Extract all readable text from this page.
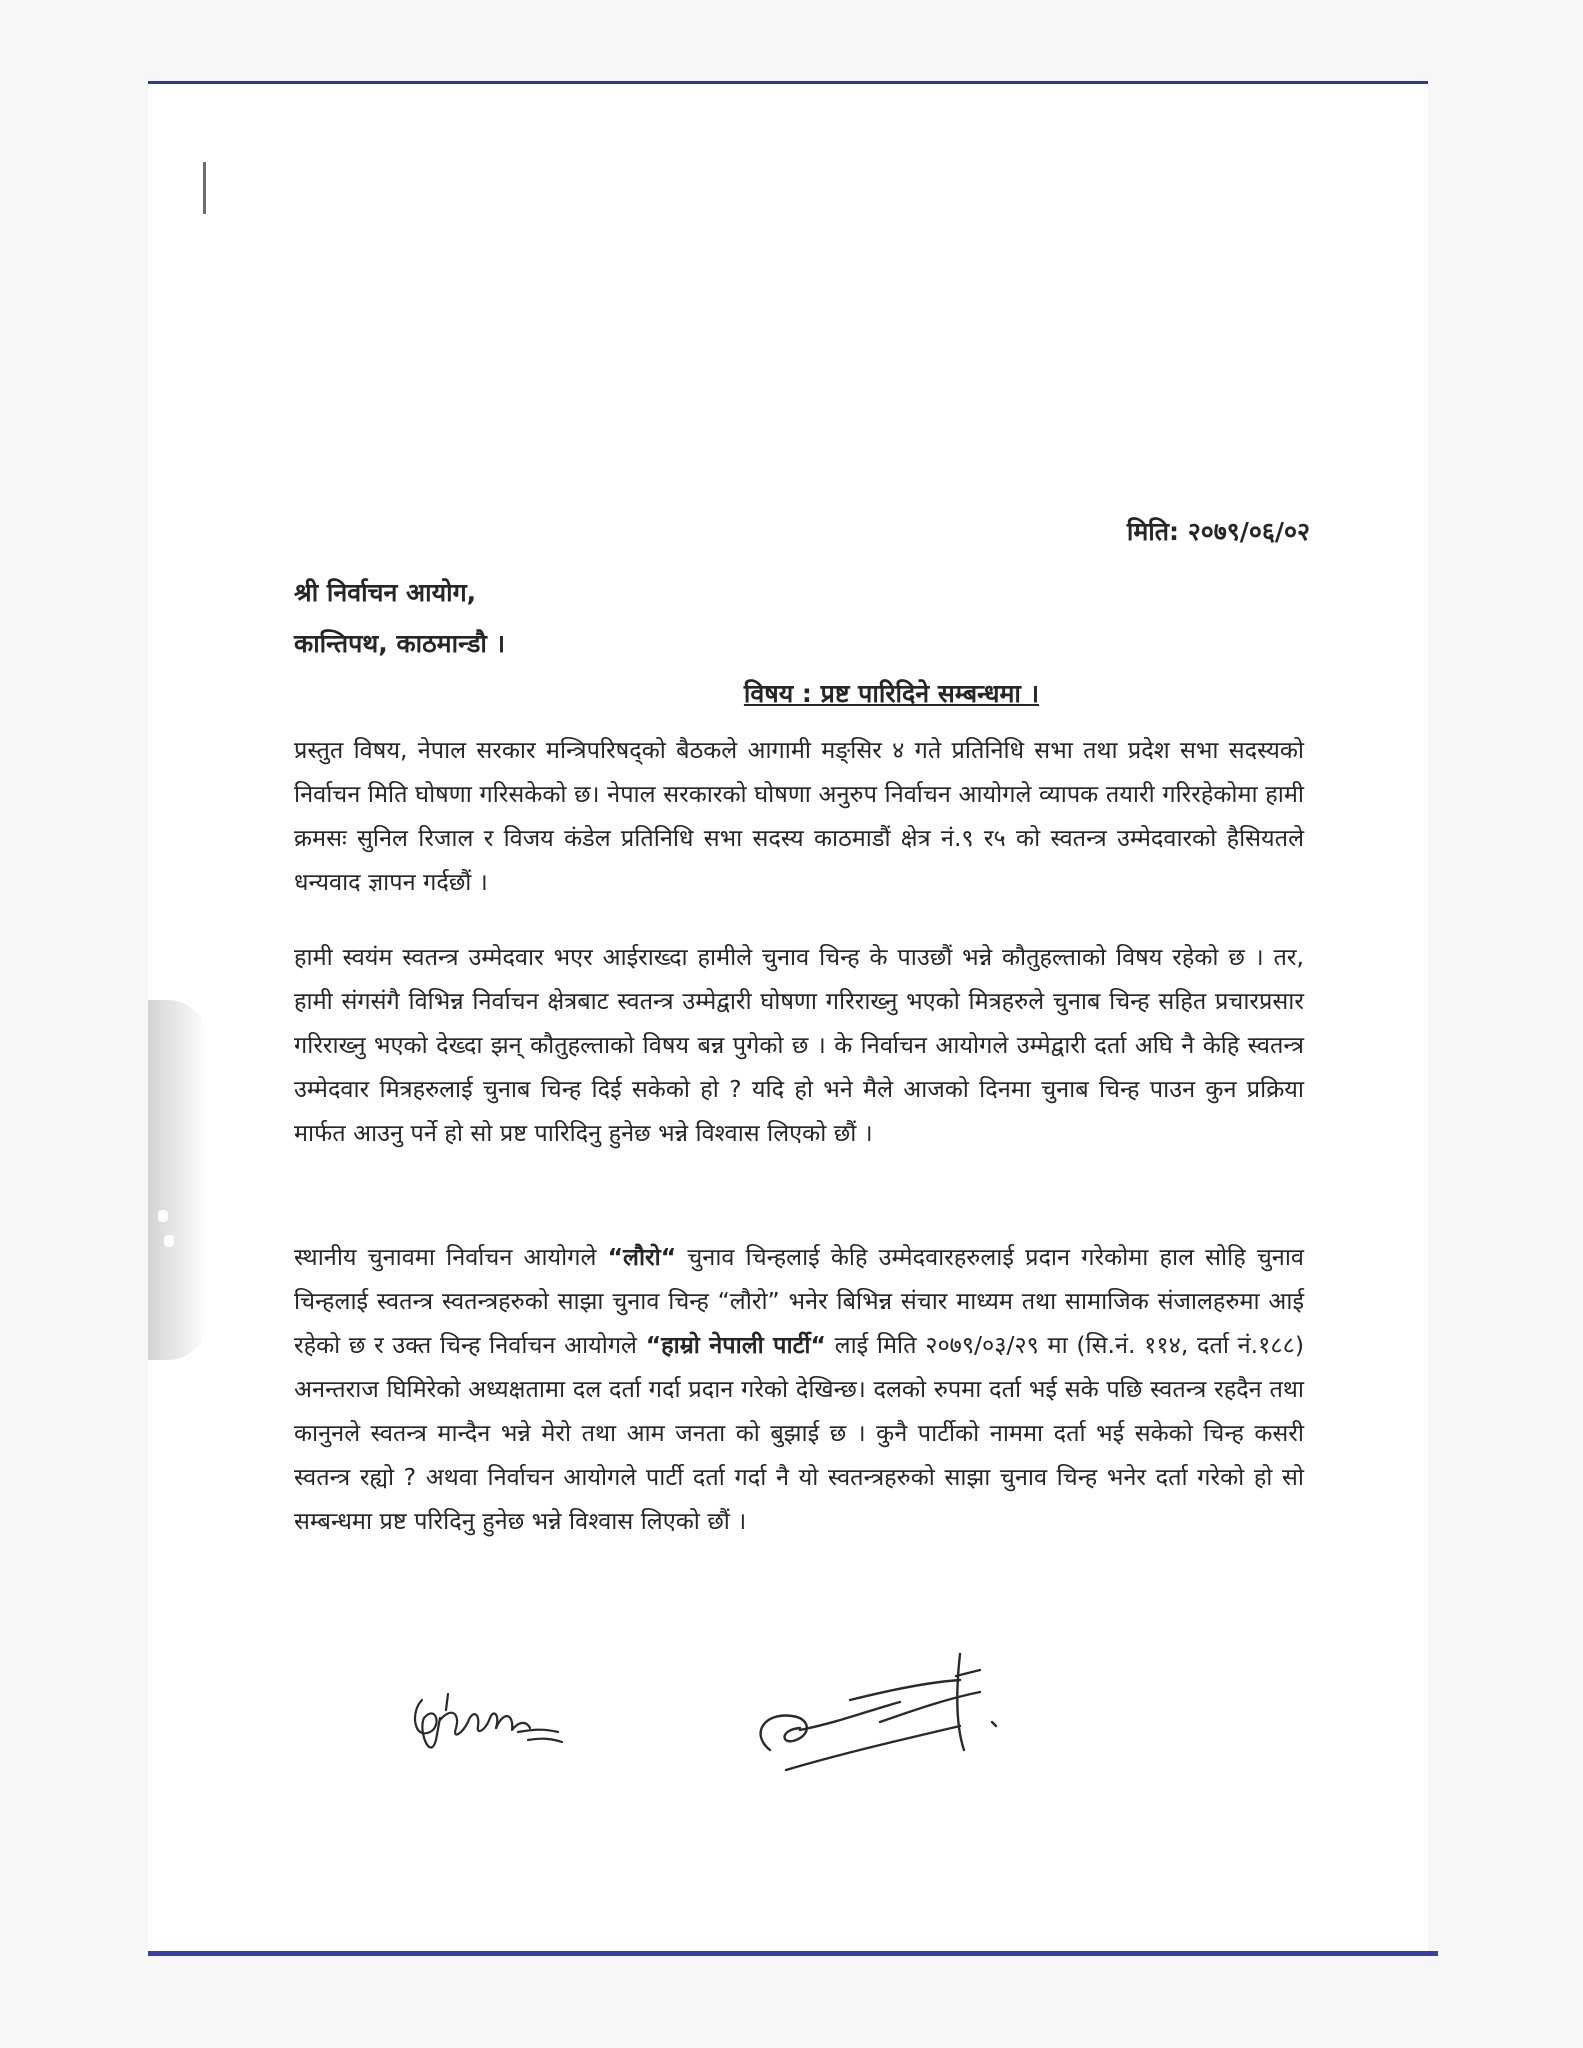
मिति: २०७९/०६/०२
श्री निर्वाचन आयोग,
कान्तिपथ, काठमान्डौ ।
विषय : प्रष्ट पारिदिने सम्बन्धमा ।

प्रस्तुत विषय, नेपाल सरकार मन्त्रिपरिषद्को बैठकले आगामी मङ्सिर ४ गते प्रतिनिधि सभा तथा प्रदेश सभा सदस्यको निर्वाचन मिति घोषणा गरिसकेको छ। नेपाल सरकारको घोषणा अनुरुप निर्वाचन आयोगले व्यापक तयारी गरिरहेकोमा हामी क्रमसः सुनिल रिजाल र विजय कंडेल प्रतिनिधि सभा सदस्य काठमाडौं क्षेत्र नं.९ र५ को स्वतन्त्र उम्मेदवारको हैसियतले धन्यवाद ज्ञापन गर्दछौं ।

हामी स्वयंम स्वतन्त्र उम्मेदवार भएर आईराख्दा हामीले चुनाव चिन्ह के पाउछौं भन्ने कौतुहल्ताको विषय रहेको छ । तर, हामी संगसंगै विभिन्न निर्वाचन क्षेत्रबाट स्वतन्त्र उम्मेद्वारी घोषणा गरिराख्नु भएको मित्रहरुले चुनाब चिन्ह सहित प्रचारप्रसार गरिराख्नु भएको देख्दा झन् कौतुहल्ताको विषय बन्न पुगेको छ । के निर्वाचन आयोगले उम्मेद्वारी दर्ता अघि नै केहि स्वतन्त्र उम्मेदवार मित्रहरुलाई चुनाब चिन्ह दिई सकेको हो ? यदि हो भने मैले आजको दिनमा चुनाब चिन्ह पाउन कुन प्रक्रिया मार्फत आउनु पर्ने हो सो प्रष्ट पारिदिनु हुनेछ भन्ने विश्वास लिएको छौं ।

स्थानीय चुनावमा निर्वाचन आयोगले “लौरो“ चुनाव चिन्हलाई केहि उम्मेदवारहरुलाई प्रदान गरेकोमा हाल सोहि चुनाव चिन्हलाई स्वतन्त्र स्वतन्त्रहरुको साझा चुनाव चिन्ह “लौरो” भनेर बिभिन्न संचार माध्यम तथा सामाजिक संजालहरुमा आई रहेको छ र उक्त चिन्ह निर्वाचन आयोगले “हाम्रो नेपाली पार्टी“ लाई मिति २०७९/०३/२९ मा (सि.नं. ११४, दर्ता नं.१८८) अनन्तराज घिमिरेको अध्यक्षतामा दल दर्ता गर्दा प्रदान गरेको देखिन्छ। दलको रुपमा दर्ता भई सके पछि स्वतन्त्र रहदैन तथा कानुनले स्वतन्त्र मान्दैन भन्ने मेरो तथा आम जनता को बुझाई छ । कुनै पार्टीको नाममा दर्ता भई सकेको चिन्ह कसरी स्वतन्त्र रह्यो ? अथवा निर्वाचन आयोगले पार्टी दर्ता गर्दा नै यो स्वतन्त्रहरुको साझा चुनाव चिन्ह भनेर दर्ता गरेको हो सो सम्बन्धमा प्रष्ट परिदिनु हुनेछ भन्ने विश्वास लिएको छौं ।
